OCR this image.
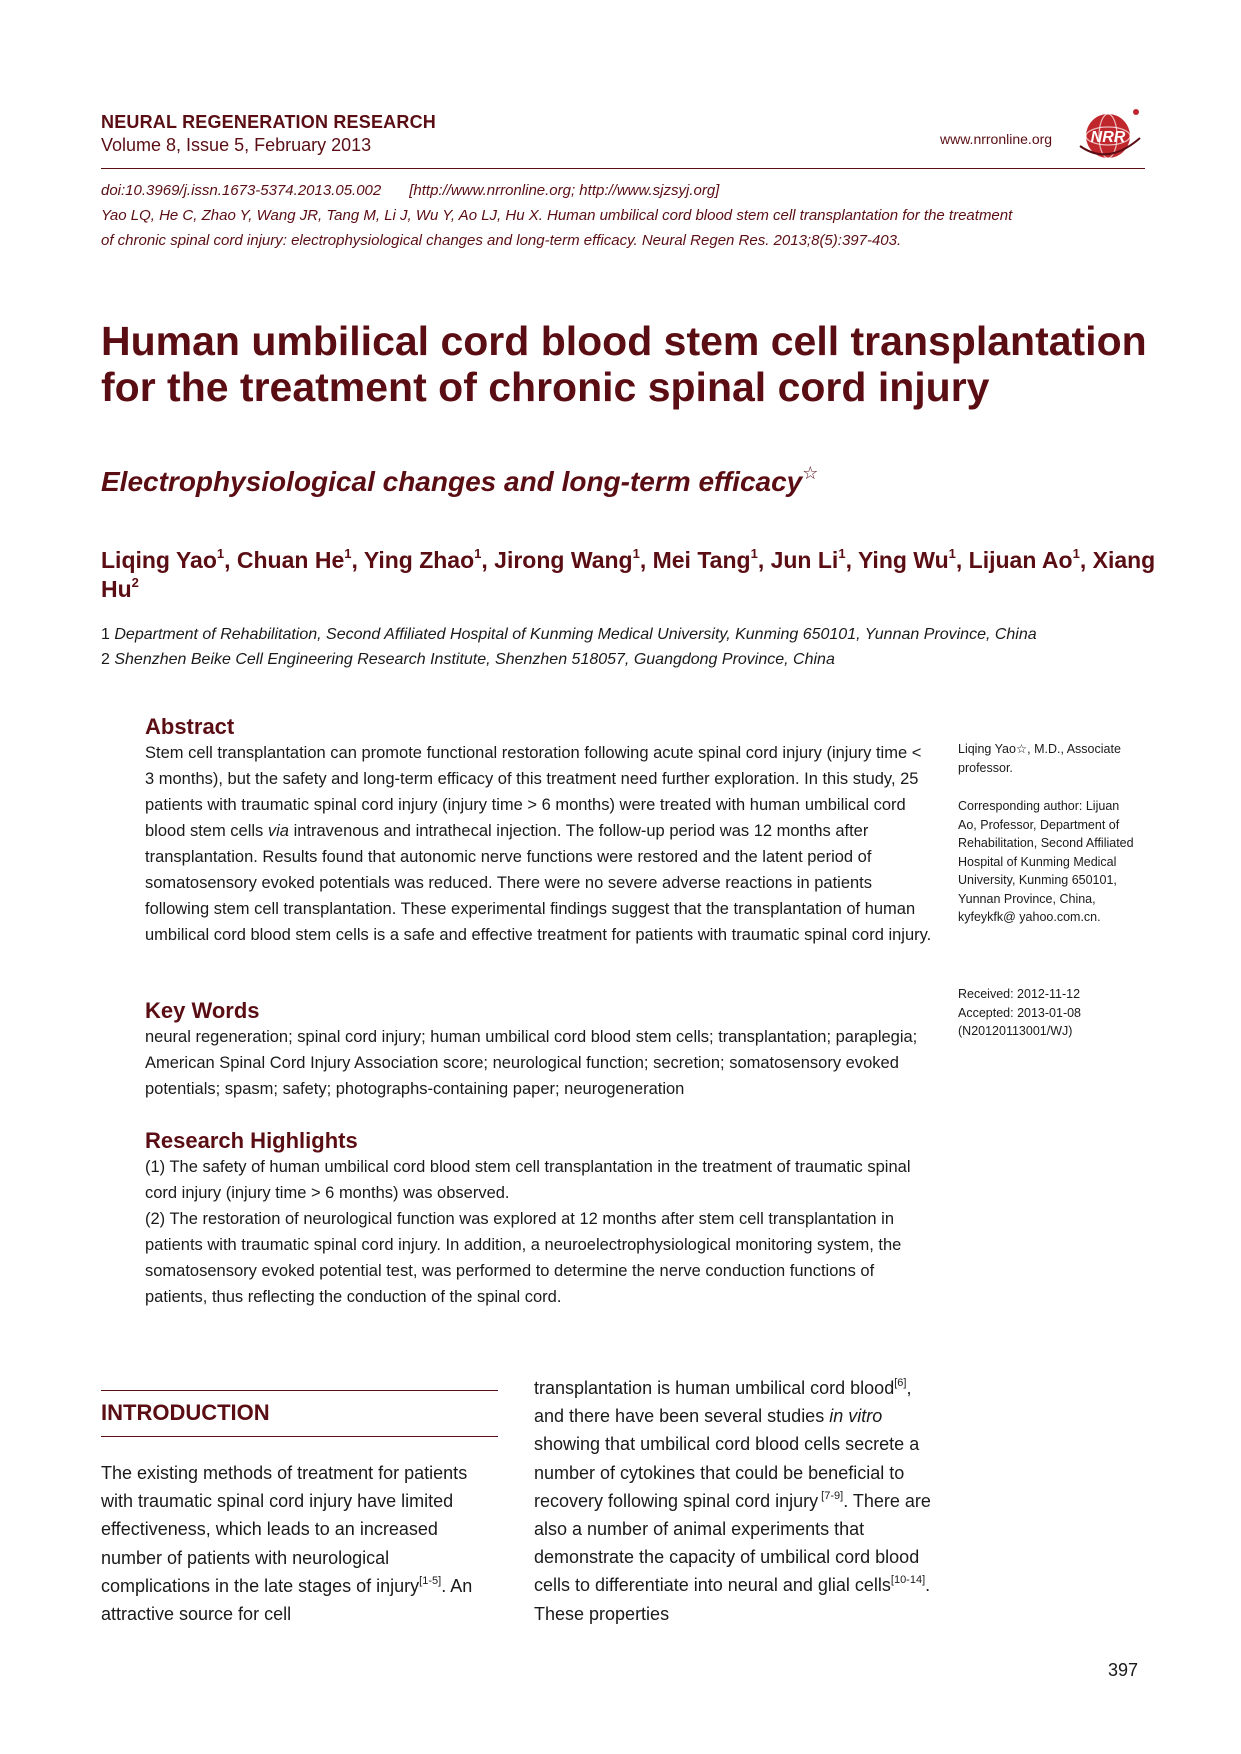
NEURAL REGENERATION RESEARCH
Volume 8, Issue 5, February 2013	www.nrronline.org NRR
doi:10.3969/j.issn.1673-5374.2013.05.002 [http://www.nrronline.org; http://www.sjzsyj.org]
Yao LQ, He C, Zhao Y, Wang JR, Tang M, Li J, Wu Y, Ao LJ, Hu X. Human umbilical cord blood stem cell transplantation for the treatment
of chronic spinal cord injury: electrophysiological changes and long-term efficacy. Neural Regen Res. 2013;8(5):397-403.
Human umbilical cord blood stem cell transplantation for the treatment of chronic spinal cord injury
Electrophysiological changes and long-term efficacy☆
Liqing Yao$^1$, Chuan He$^1$, Ying Zhao$^1$, Jirong Wang$^1$, Mei Tang$^1$, Jun Li$^1$, Ying Wu$^1$, Lijuan Ao$^1$, Xiang Hu$^2$
1 Department of Rehabilitation, Second Affiliated Hospital of Kunming Medical University, Kunming 650101, Yunnan Province, China
2 Shenzhen Beike Cell Engineering Research Institute, Shenzhen 518057, Guangdong Province, China
Abstract
Stem cell transplantation can promote functional restoration following acute spinal cord injury (injury time < 3 months), but the safety and long-term efficacy of this treatment need further exploration. In this study, 25 patients with traumatic spinal cord injury (injury time > 6 months) were treated with human umbilical cord blood stem cells via intravenous and intrathecal injection. The follow-up period was 12 months after transplantation. Results found that autonomic nerve functions were restored and the latent period of somatosensory evoked potentials was reduced. There were no severe adverse reactions in patients following stem cell transplantation. These experimental findings suggest that the transplantation of human umbilical cord blood stem cells is a safe and effective treatment for patients with traumatic spinal cord injury.
Key Words
neural regeneration; spinal cord injury; human umbilical cord blood stem cells; transplantation; paraplegia; American Spinal Cord Injury Association score; neurological function; secretion; somatosensory evoked potentials; spasm; safety; photographs-containing paper; neurogeneration
Research Highlights
(1) The safety of human umbilical cord blood stem cell transplantation in the treatment of traumatic spinal cord injury (injury time > 6 months) was observed.
(2) The restoration of neurological function was explored at 12 months after stem cell transplantation in patients with traumatic spinal cord injury. In addition, a neuroelectrophysiological monitoring system, the somatosensory evoked potential test, was performed to determine the nerve conduction functions of patients, thus reflecting the conduction of the spinal cord.
Liqing Yao☆, M.D., Associate professor.
Corresponding author: Lijuan Ao, Professor, Department of Rehabilitation, Second Affiliated Hospital of Kunming Medical University, Kunming 650101, Yunnan Province, China, kyfeykfk@ yahoo.com.cn.
Received: 2012-11-12
Accepted: 2013-01-08
(N20120113001/WJ)
INTRODUCTION
The existing methods of treatment for patients with traumatic spinal cord injury have limited effectiveness, which leads to an increased number of patients with neurological complications in the late stages of injury[1-5]. An attractive source for cell
transplantation is human umbilical cord blood[6], and there have been several studies in vitro showing that umbilical cord blood cells secrete a number of cytokines that could be beneficial to recovery following spinal cord injury [7-9]. There are also a number of animal experiments that demonstrate the capacity of umbilical cord blood cells to differentiate into neural and glial cells[10-14]. These properties
397
